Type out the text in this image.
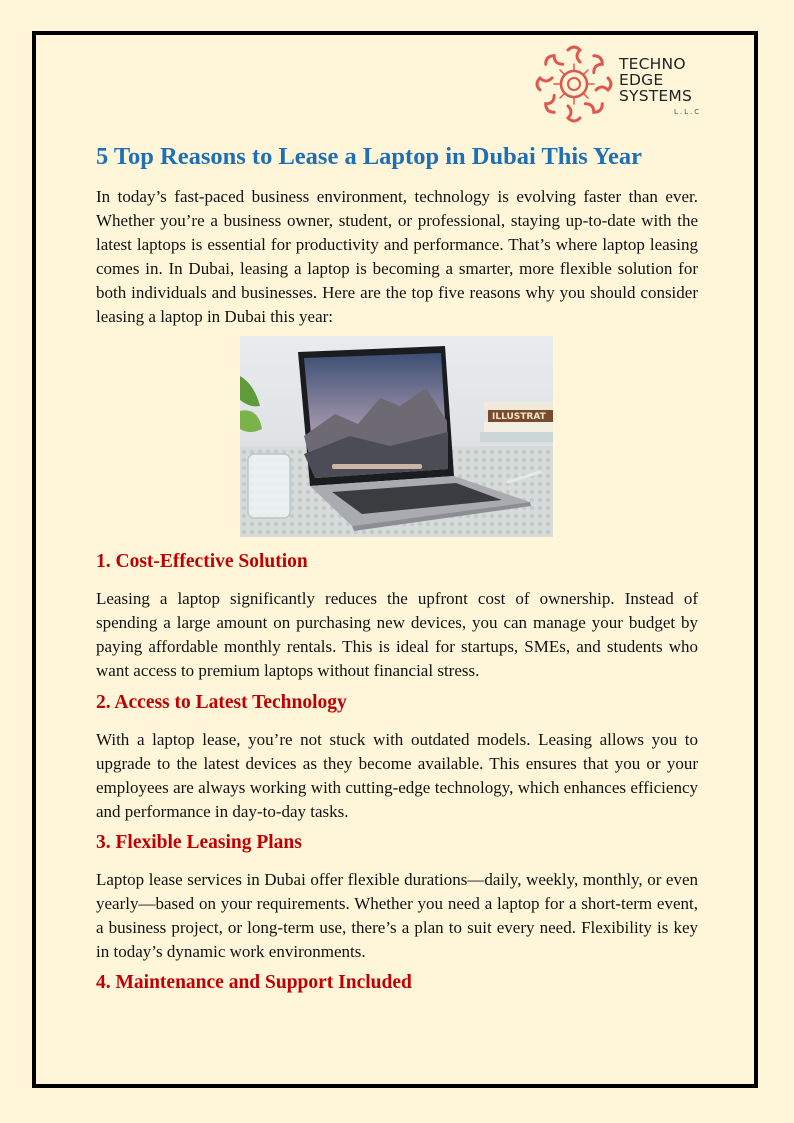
TECHNO
EDGE
SYSTEMS
L.L.C
5 Top Reasons to Lease a Laptop in Dubai This Year

In today’s fast-paced business environment, technology is evolving faster than ever. Whether you’re a business owner, student, or professional, staying up-to-date with the latest laptops is essential for productivity and performance. That’s where laptop leasing comes in. In Dubai, leasing a laptop is becoming a smarter, more flexible solution for both individuals and businesses. Here are the top five reasons why you should consider leasing a laptop in Dubai this year:

ILLUSTRAT
1. Cost-Effective Solution

Leasing a laptop significantly reduces the upfront cost of ownership. Instead of spending a large amount on purchasing new devices, you can manage your budget by paying affordable monthly rentals. This is ideal for startups, SMEs, and students who want access to premium laptops without financial stress.

2. Access to Latest Technology

With a laptop lease, you’re not stuck with outdated models. Leasing allows you to upgrade to the latest devices as they become available. This ensures that you or your employees are always working with cutting-edge technology, which enhances efficiency and performance in day-to-day tasks.

3. Flexible Leasing Plans

Laptop lease services in Dubai offer flexible durations—daily, weekly, monthly, or even yearly—based on your requirements. Whether you need a laptop for a short-term event, a business project, or long-term use, there’s a plan to suit every need. Flexibility is key in today’s dynamic work environments.

4. Maintenance and Support Included
